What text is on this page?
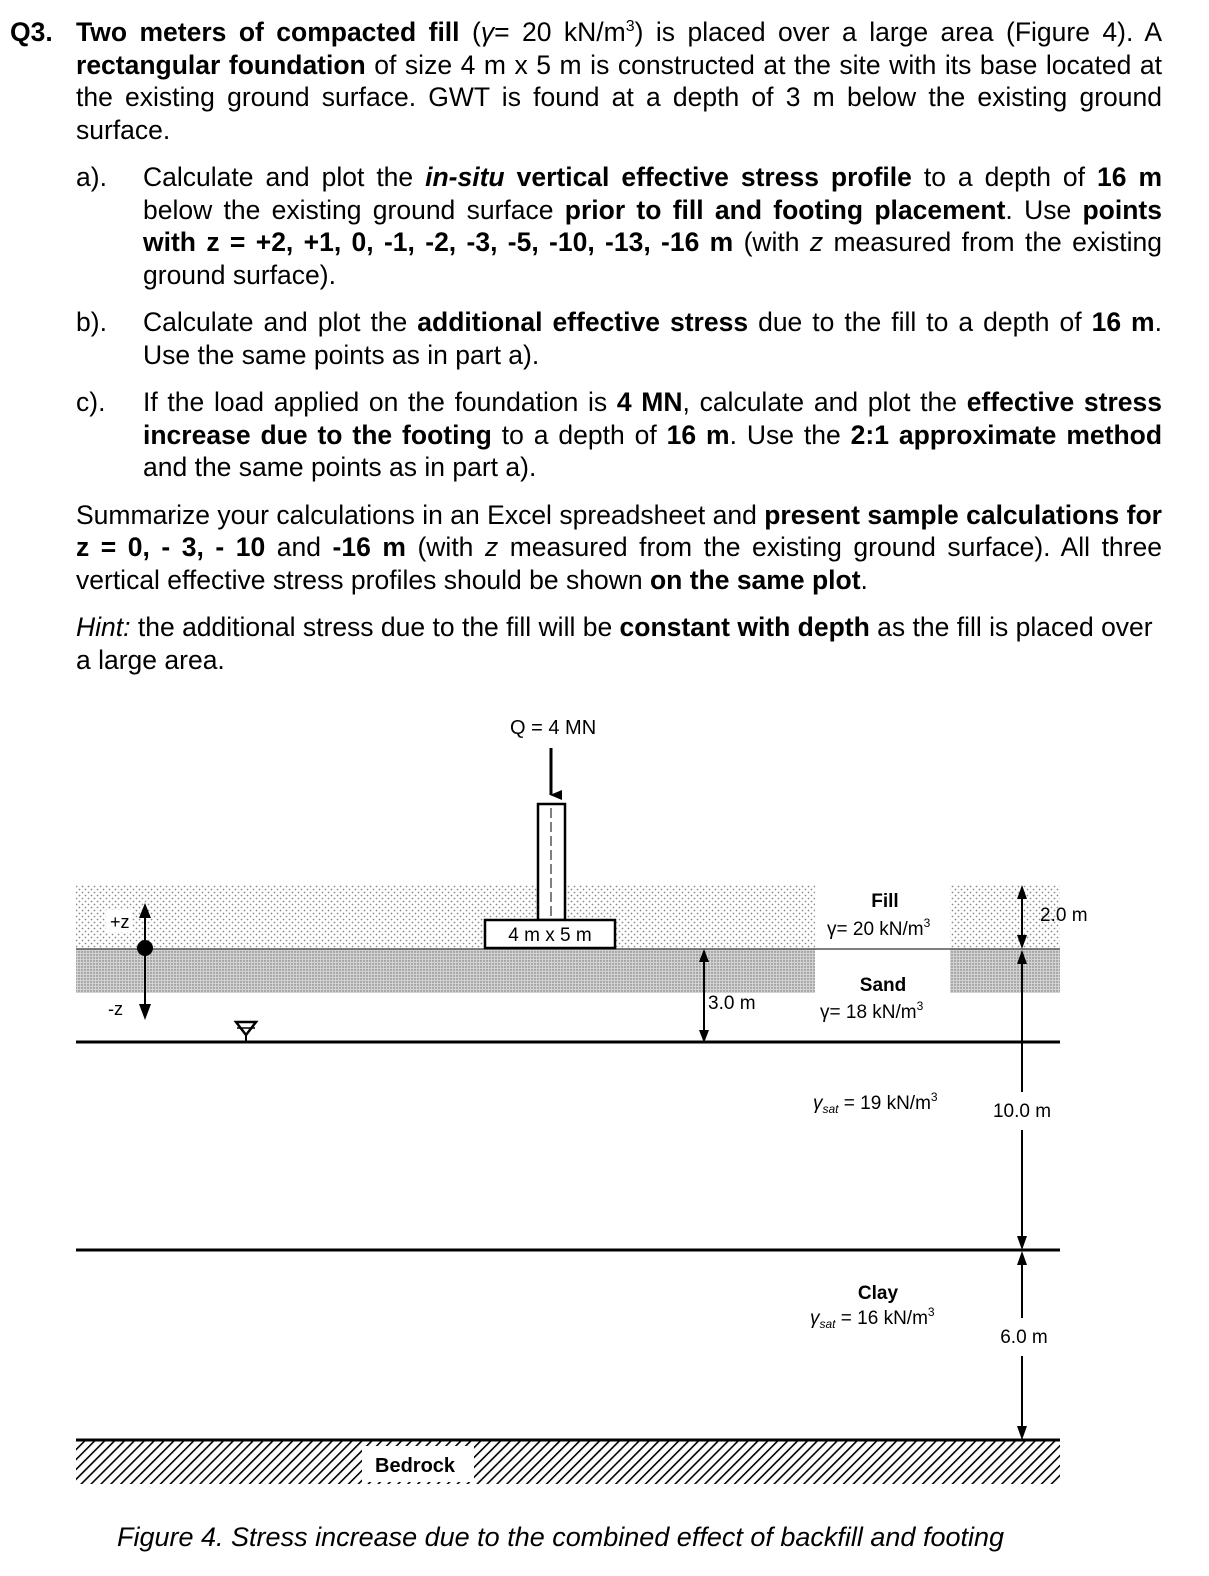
Q3. Two meters of compacted fill (γ= 20 $kN/m^3$) is placed over a large area (Figure 4). A rectangular foundation of size 4 m x 5 m is constructed at the site with its base located at the existing ground surface. GWT is found at a depth of 3 m below the existing ground surface.
a). Calculate and plot the in-situ vertical effective stress profile to a depth of 16 m below the existing ground surface prior to fill and footing placement. Use points with z = +2, +1, 0, -1, -2, -3, -5, -10, -13, -16 m (with z measured from the existing ground surface).
b). Calculate and plot the additional effective stress due to the fill to a depth of 16 m. Use the same points as in part a).
c). If the load applied on the foundation is 4 MN, calculate and plot the effective stress increase due to the footing to a depth of 16 m. Use the 2:1 approximate method and the same points as in part a).
Summarize your calculations in an Excel spreadsheet and present sample calculations for z = 0, - 3, - 10 and -16 m (with z measured from the existing ground surface). All three vertical effective stress profiles should be shown on the same plot.
Hint: the additional stress due to the fill will be constant with depth as the fill is placed over a large area.
Bedrock
Q = 4 MN
4 m x 5 m
+z
-z	3.0 m
Fill
γ= 20 $kN/m^3$
Sand
γ= 18 $kN/m^3$
$\gamma_{sat} = 19$ $kN/m^3$
Clay
$\gamma_{sat} = 16$ $kN/m^3$
2.0 m
10.0 m
6.0 m
Figure 4. Stress increase due to the combined effect of backfill and footing
